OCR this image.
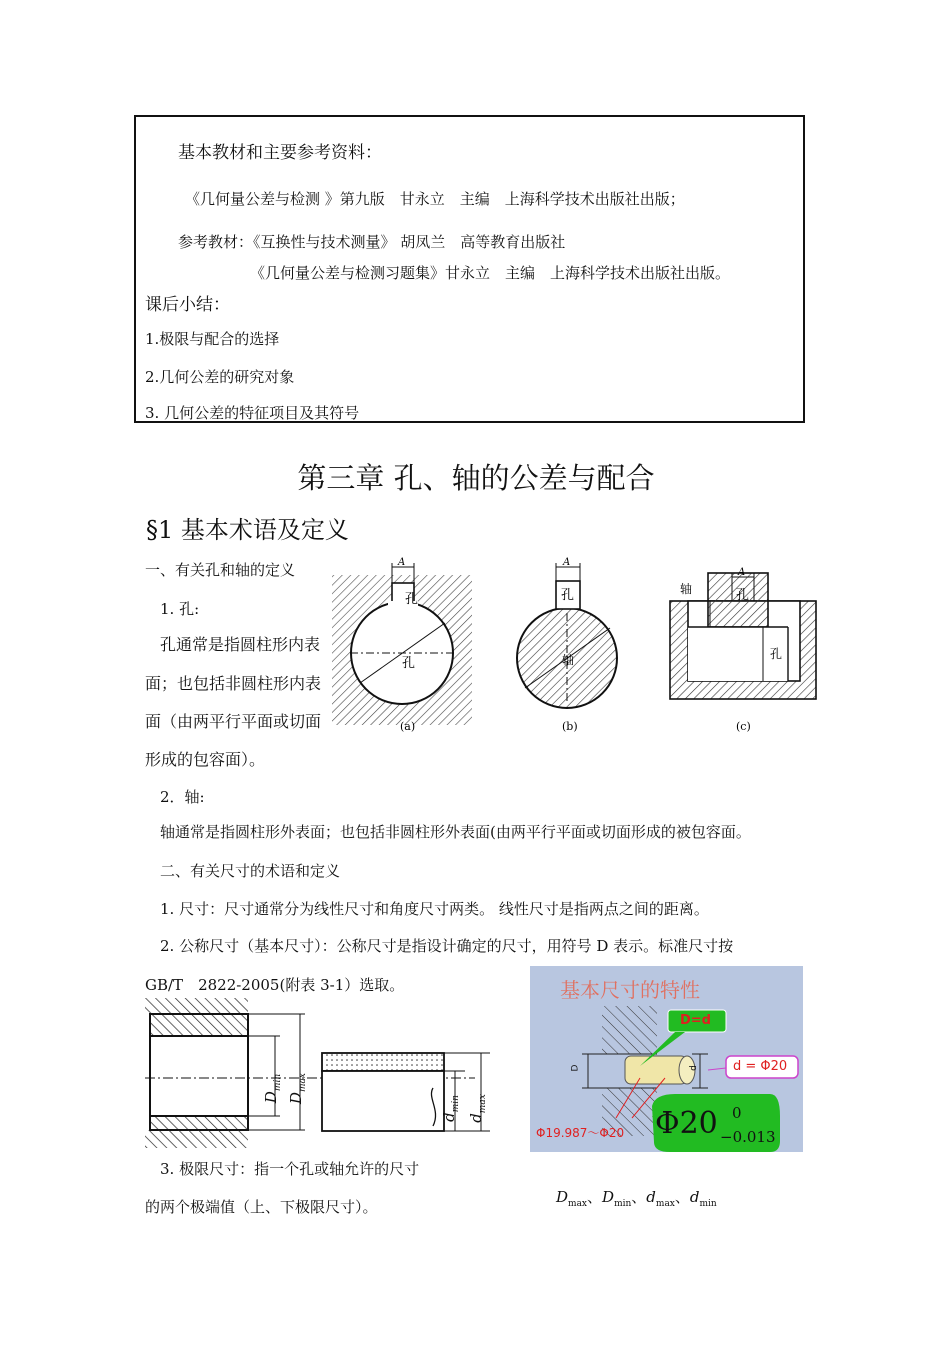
基本教材和主要参考资料：
《几何量公差与检测 》第九版　甘永立　主编　上海科学技术出版社出版；
参考教材：《互换性与技术测量》 胡凤兰　高等教育出版社
《几何量公差与检测习题集》甘永立　主编　上海科学技术出版社出版。
课后小结：
1.极限与配合的选择
2.几何公差的研究对象
3. 几何公差的特征项目及其符号
第三章 孔、轴的公差与配合
§1 基本术语及定义
一、有关孔和轴的定义
1. 孔:
孔通常是指圆柱形内表
面；也包括非圆柱形内表
面（由两平行平面或切面
形成的包容面）。
2．轴:
轴通常是指圆柱形外表面；也包括非圆柱形外表面(由两平行平面或切面形成的被包容面。
孔
孔
A
(a)
孔
轴
A
(b)
孔
轴
孔
A
(c)
二、有关尺寸的术语和定义
1. 尺寸：尺寸通常分为线性尺寸和角度尺寸两类。 线性尺寸是指两点之间的距离。
2. 公称尺寸（基本尺寸）：公称尺寸是指设计确定的尺寸，用符号 D 表示。标准尺寸按
GB/T　2822-2005(附表 3-1）选取。
$D_{min}$
$D_{max}$
$d_{min}$
$d_{max}$
基本尺寸的特性
D=d
d = Φ20
Φ19.987～Φ20
D	d
Φ20 0
−0.013
3. 极限尺寸：指一个孔或轴允许的尺寸
的两个极端值（上、下极限尺寸）。
$D_{max}$、$D_{min}$、$d_{max}$、$d_{min}$
